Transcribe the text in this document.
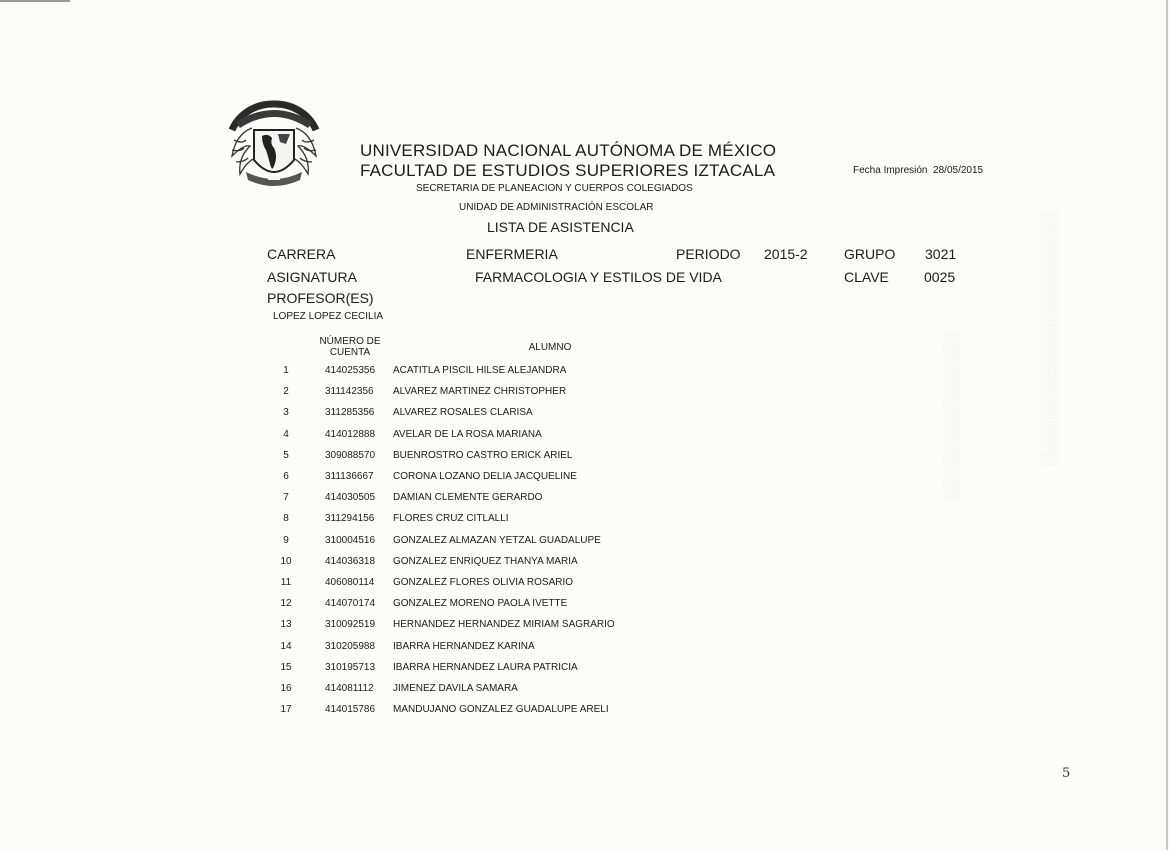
░░░░░░░░░░░░░░░░░░░░
░░░░░░░░░░░░░░░
UNIVERSIDAD NACIONAL AUTÓNOMA DE MÉXICO
FACULTAD DE ESTUDIOS SUPERIORES IZTACALA
SECRETARIA DE PLANEACION Y CUERPOS COLEGIADOS
UNIDAD DE ADMINISTRACIÓN ESCOLAR
LISTA DE ASISTENCIA
Fecha Impresión 28/05/2015
CARRERA	ENFERMERIA	PERIODO 2015-2	GRUPO 3021
ASIGNATURA	FARMACOLOGIA Y ESTILOS DE VIDA	CLAVE	0025
PROFESOR(ES)
LOPEZ LOPEZ CECILIA
NÚMERO DE
CUENTA	ALUMNO
1	414025356 ACATITLA PISCIL HILSE ALEJANDRA
2	311142356 ALVAREZ MARTINEZ CHRISTOPHER
3	311285356 ALVAREZ ROSALES CLARISA
4	414012888 AVELAR DE LA ROSA MARIANA
5	309088570 BUENROSTRO CASTRO ERICK ARIEL
6	311136667 CORONA LOZANO DELIA JACQUELINE
7	414030505 DAMIAN CLEMENTE GERARDO
8	311294156 FLORES CRUZ CITLALLI
9	310004516 GONZALEZ ALMAZAN YETZAL GUADALUPE
10	414036318 GONZALEZ ENRIQUEZ THANYA MARIA
11	406080114 GONZALEZ FLORES OLIVIA ROSARIO
12	414070174 GONZALEZ MORENO PAOLA IVETTE
13	310092519 HERNANDEZ HERNANDEZ MIRIAM SAGRARIO
14	310205988 IBARRA HERNANDEZ KARINA
15	310195713 IBARRA HERNANDEZ LAURA PATRICIA
16	414081112 JIMENEZ DAVILA SAMARA
17	414015786 MANDUJANO GONZALEZ GUADALUPE ARELI
5
